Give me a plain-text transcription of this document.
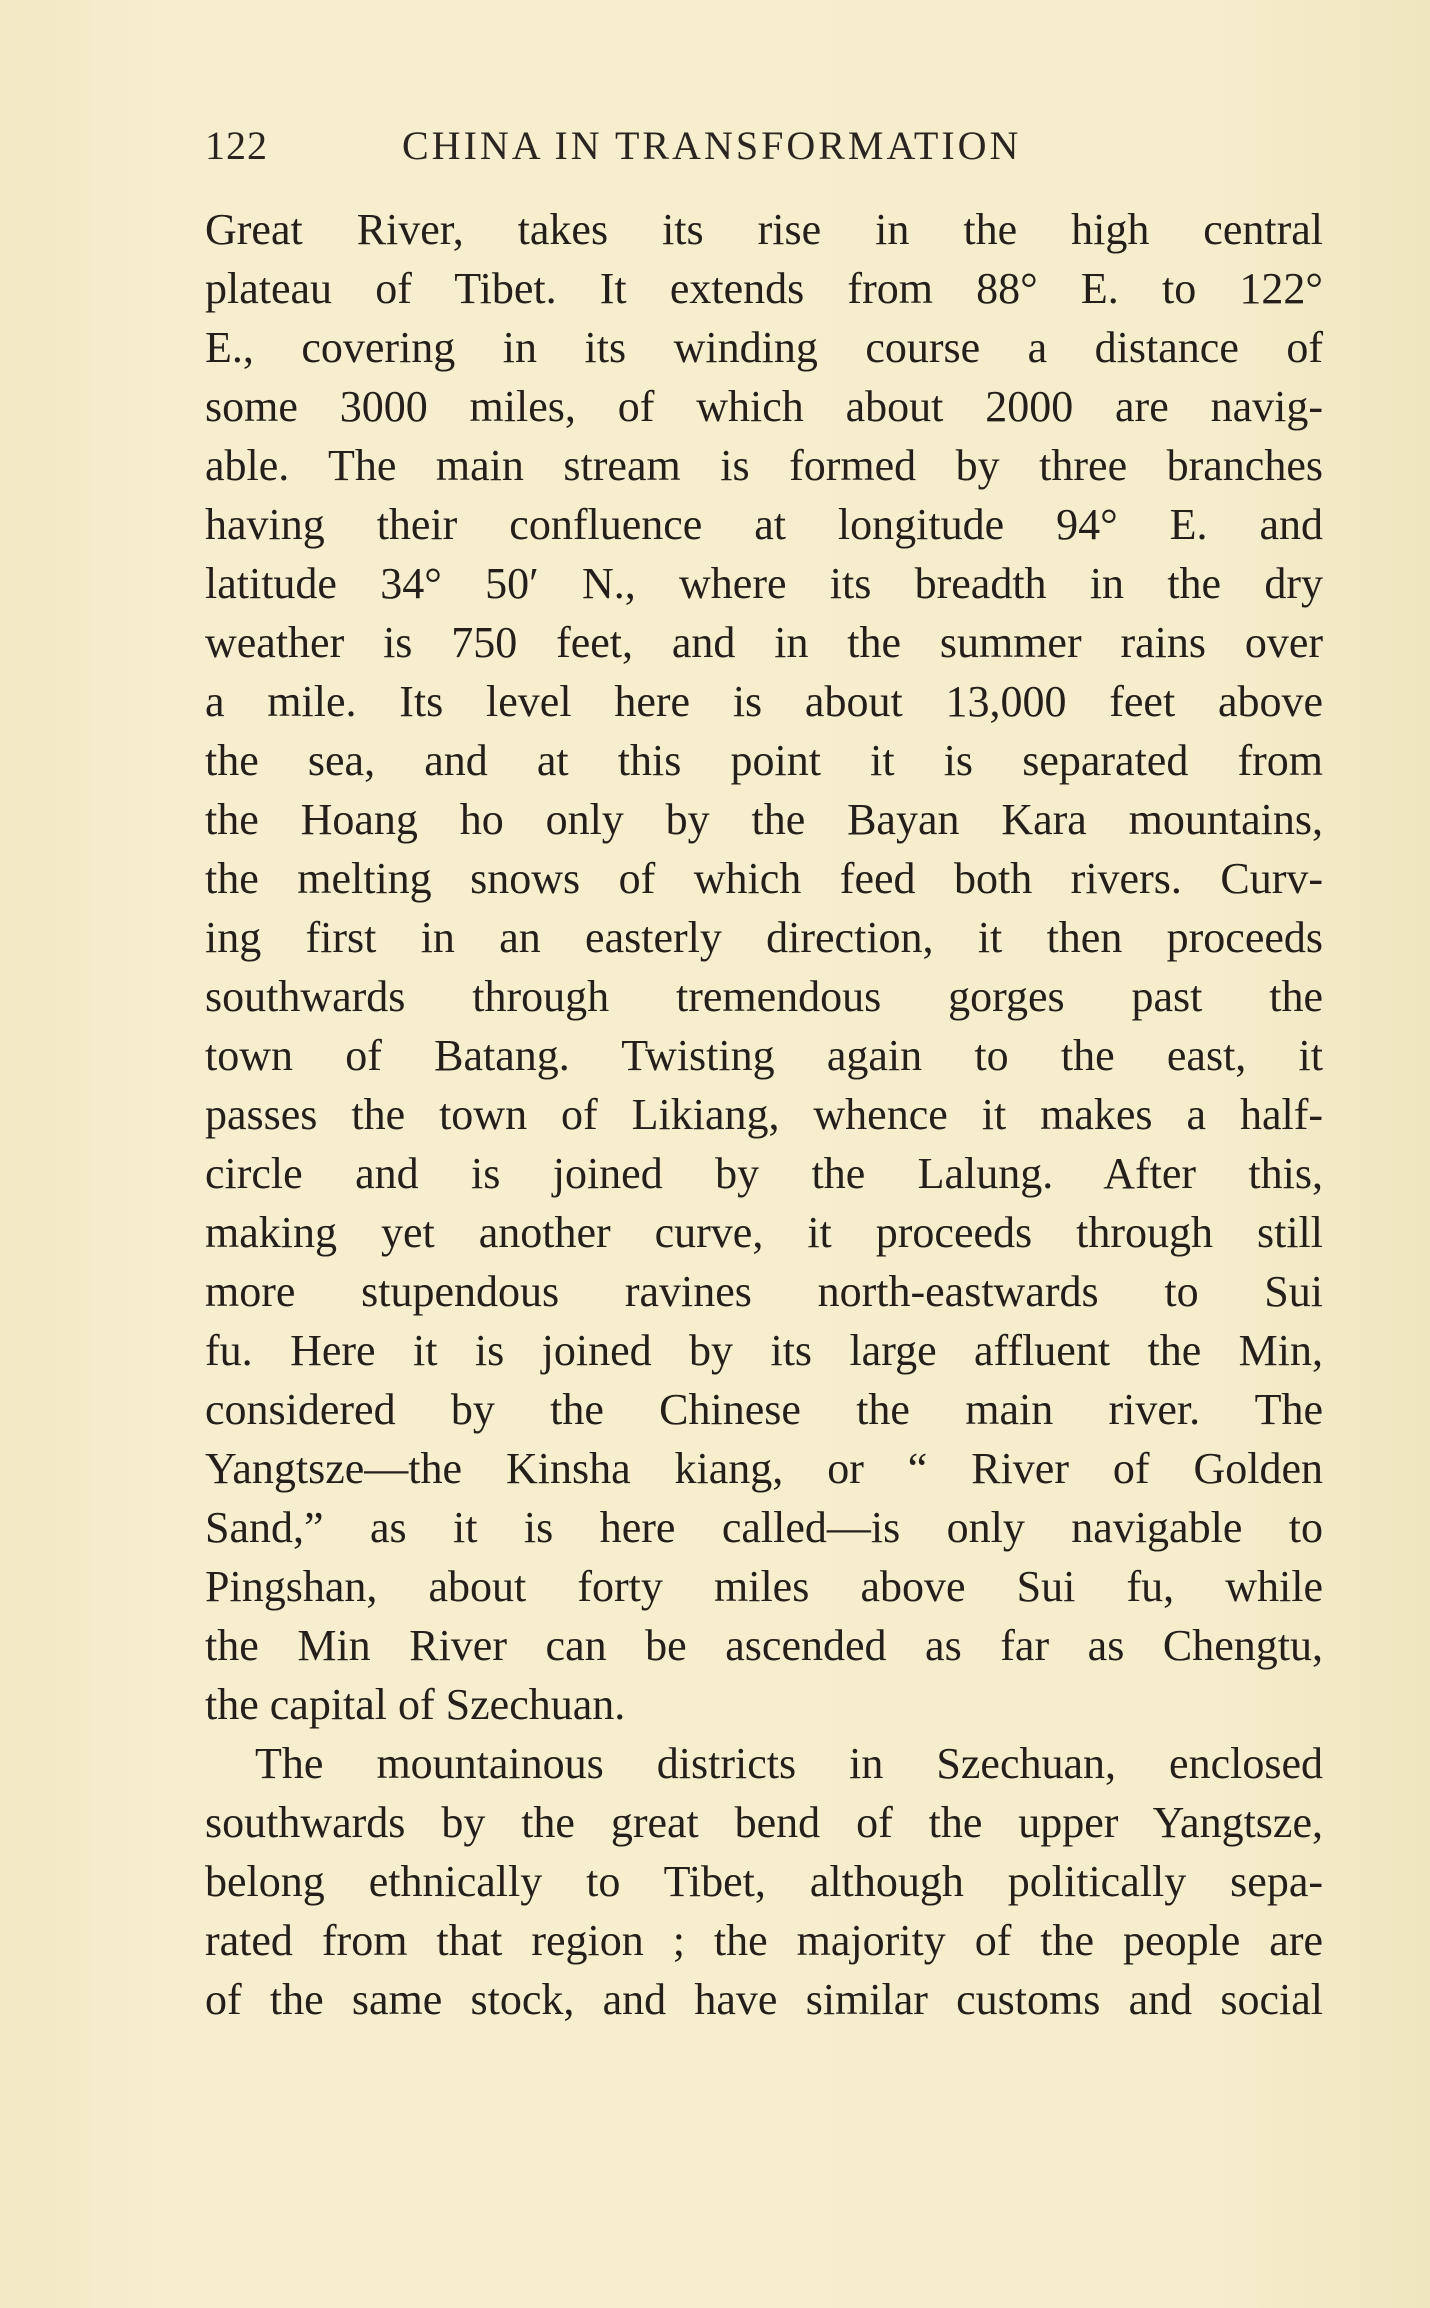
122	CHINA IN TRANSFORMATION
Great River, takes its rise in the high central
plateau of Tibet. It extends from 88° E. to 122°
E., covering in its winding course a distance of
some 3000 miles, of which about 2000 are navig-
able. The main stream is formed by three branches
having their confluence at longitude 94° E. and
latitude 34° 50′ N., where its breadth in the dry
weather is 750 feet, and in the summer rains over
a mile. Its level here is about 13,000 feet above
the sea, and at this point it is separated from
the Hoang ho only by the Bayan Kara mountains,
the melting snows of which feed both rivers. Curv-
ing first in an easterly direction, it then proceeds
southwards through tremendous gorges past the
town of Batang. Twisting again to the east, it
passes the town of Likiang, whence it makes a half-
circle and is joined by the Lalung. After this,
making yet another curve, it proceeds through still
more stupendous ravines north-eastwards to Sui
fu. Here it is joined by its large affluent the Min,
considered by the Chinese the main river. The
Yangtsze—the Kinsha kiang, or “ River of Golden
Sand,” as it is here called—is only navigable to
Pingshan, about forty miles above Sui fu, while
the Min River can be ascended as far as Chengtu,
the capital of Szechuan.
The mountainous districts in Szechuan, enclosed
southwards by the great bend of the upper Yangtsze,
belong ethnically to Tibet, although politically sepa-
rated from that region ; the majority of the people are
of the same stock, and have similar customs and social
